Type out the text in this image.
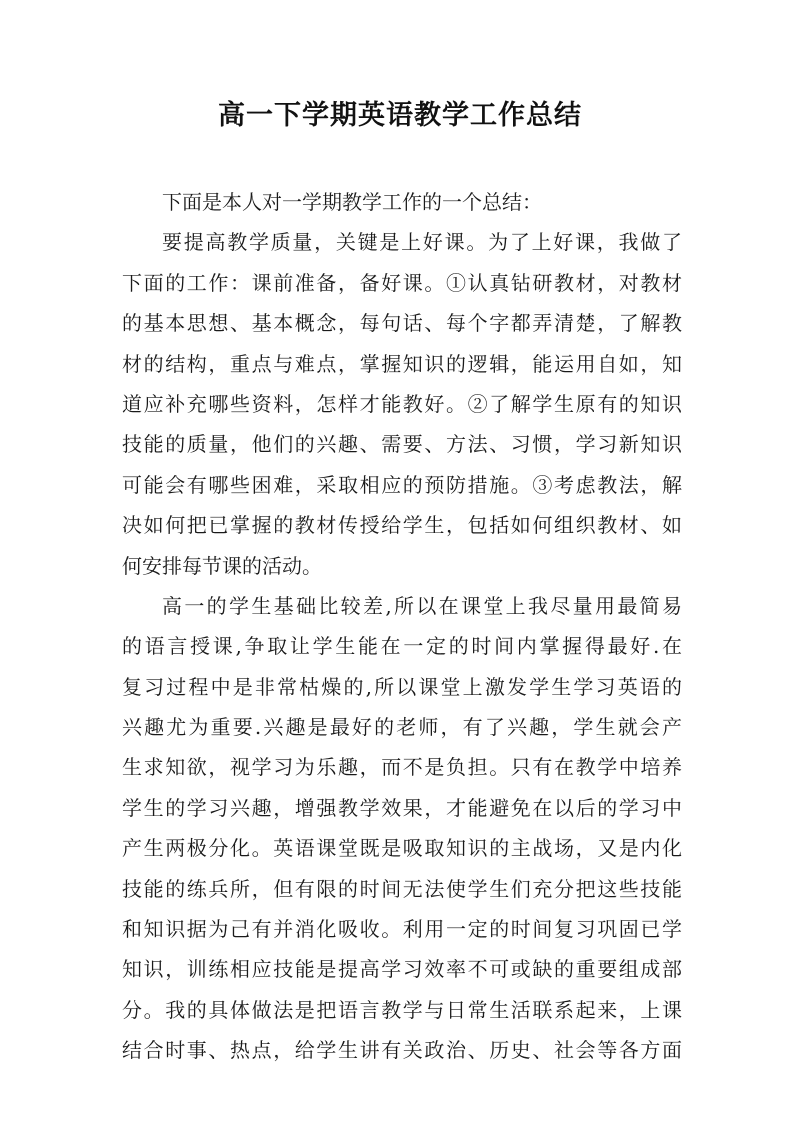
高一下学期英语教学工作总结
下面是本人对一学期教学工作的一个总结：
要提高教学质量，关键是上好课。为了上好课，我做了
下面的工作：课前准备，备好课。①认真钻研教材，对教材
的基本思想、基本概念，每句话、每个字都弄清楚，了解教
材的结构，重点与难点，掌握知识的逻辑，能运用自如，知
道应补充哪些资料，怎样才能教好。②了解学生原有的知识
技能的质量，他们的兴趣、需要、方法、习惯，学习新知识
可能会有哪些困难，采取相应的预防措施。③考虑教法，解
决如何把已掌握的教材传授给学生，包括如何组织教材、如
何安排每节课的活动。
高一的学生基础比较差,所以在课堂上我尽量用最简易
的语言授课,争取让学生能在一定的时间内掌握得最好.在
复习过程中是非常枯燥的,所以课堂上激发学生学习英语的
兴趣尤为重要.兴趣是最好的老师，有了兴趣，学生就会产
生求知欲，视学习为乐趣，而不是负担。只有在教学中培养
学生的学习兴趣，增强教学效果，才能避免在以后的学习中
产生两极分化。英语课堂既是吸取知识的主战场，又是内化
技能的练兵所，但有限的时间无法使学生们充分把这些技能
和知识据为己有并消化吸收。利用一定的时间复习巩固已学
知识，训练相应技能是提高学习效率不可或缺的重要组成部
分。我的具体做法是把语言教学与日常生活联系起来，上课
结合时事、热点，给学生讲有关政治、历史、社会等各方面
